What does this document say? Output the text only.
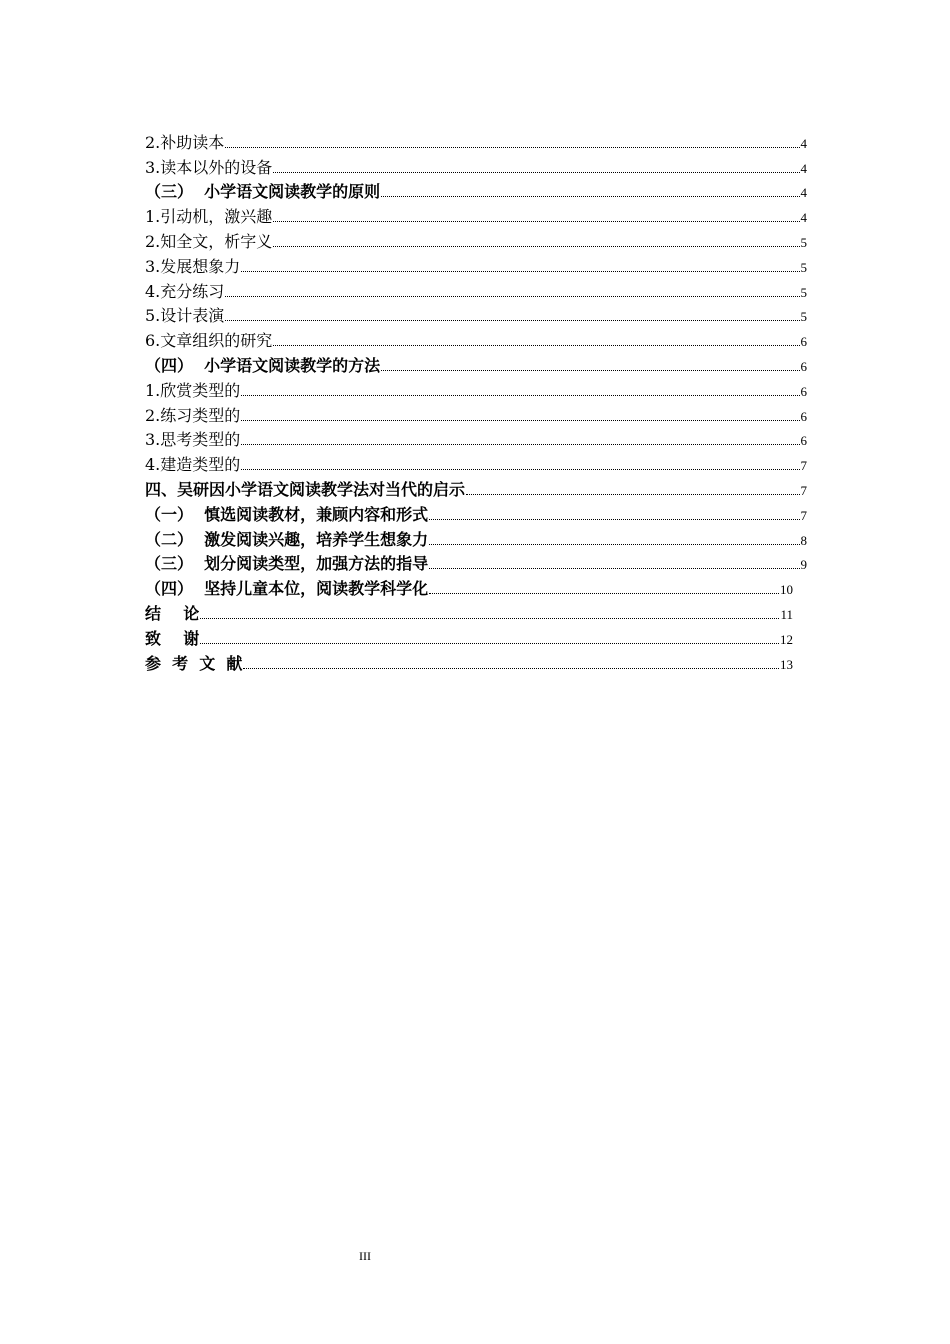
2.补助读本	4
3.读本以外的设备	4
（三）  小学语文阅读教学的原则	4
1.引动机，激兴趣	4
2.知全文，析字义	5
3.发展想象力	5
4.充分练习	5
5.设计表演	5
6.文章组织的研究	6
（四）  小学语文阅读教学的方法	6
1.欣赏类型的	6
2.练习类型的	6
3.思考类型的	6
4.建造类型的	7
四、吴研因小学语文阅读教学法对当代的启示	7
（一）  慎选阅读教材，兼顾内容和形式	7
（二）  激发阅读兴趣，培养学生想象力	8
（三）  划分阅读类型，加强方法的指导	9
（四）  坚持儿童本位，阅读教学科学化	10
结    论	11
致    谢	12
参  考  文  献	13
III
